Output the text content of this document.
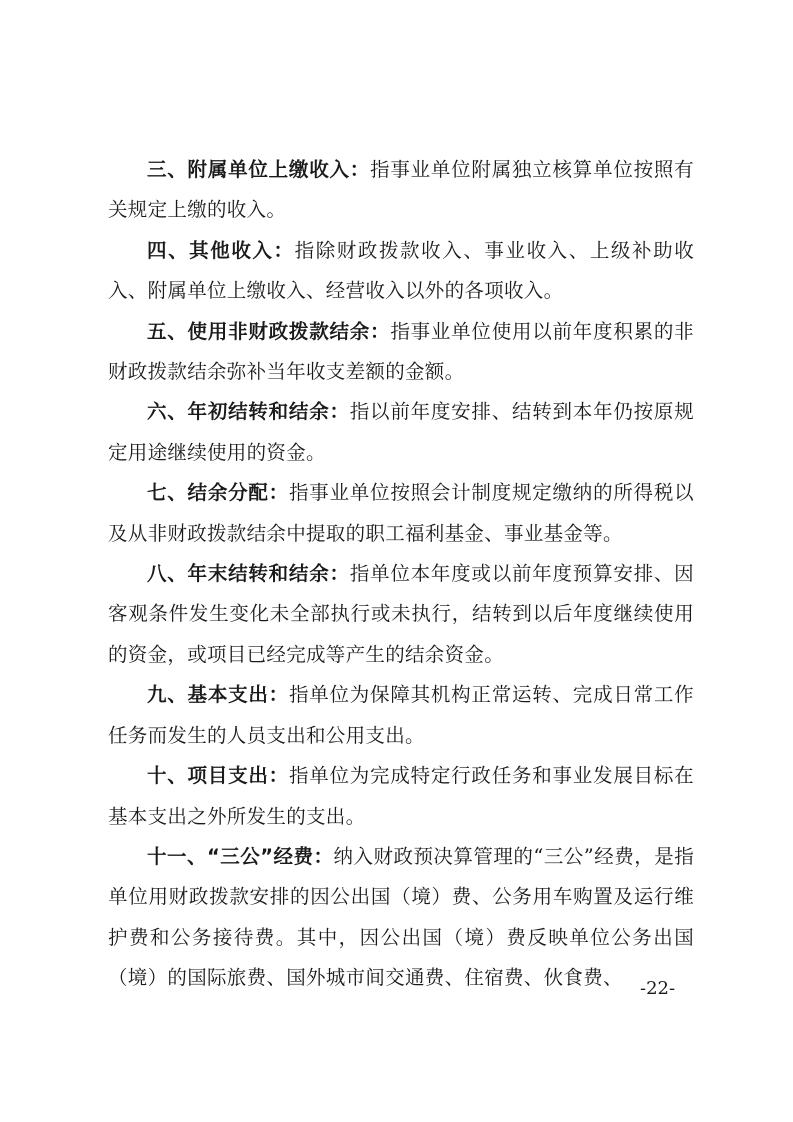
三、附属单位上缴收入：指事业单位附属独立核算单位按照有关规定上缴的收入。

四、其他收入：指除财政拨款收入、事业收入、上级补助收入、附属单位上缴收入、经营收入以外的各项收入。

五、使用非财政拨款结余：指事业单位使用以前年度积累的非财政拨款结余弥补当年收支差额的金额。

六、年初结转和结余：指以前年度安排、结转到本年仍按原规定用途继续使用的资金。

七、结余分配：指事业单位按照会计制度规定缴纳的所得税以及从非财政拨款结余中提取的职工福利基金、事业基金等。

八、年末结转和结余：指单位本年度或以前年度预算安排、因客观条件发生变化未全部执行或未执行，结转到以后年度继续使用的资金，或项目已经完成等产生的结余资金。

九、基本支出：指单位为保障其机构正常运转、完成日常工作任务而发生的人员支出和公用支出。

十、项目支出：指单位为完成特定行政任务和事业发展目标在基本支出之外所发生的支出。

十一、“三公”经费：纳入财政预决算管理的“三公”经费，是指单位用财政拨款安排的因公出国（境）费、公务用车购置及运行维护费和公务接待费。其中，因公出国（境）费反映单位公务出国（境）的国际旅费、国外城市间交通费、住宿费、伙食费、 -22-
